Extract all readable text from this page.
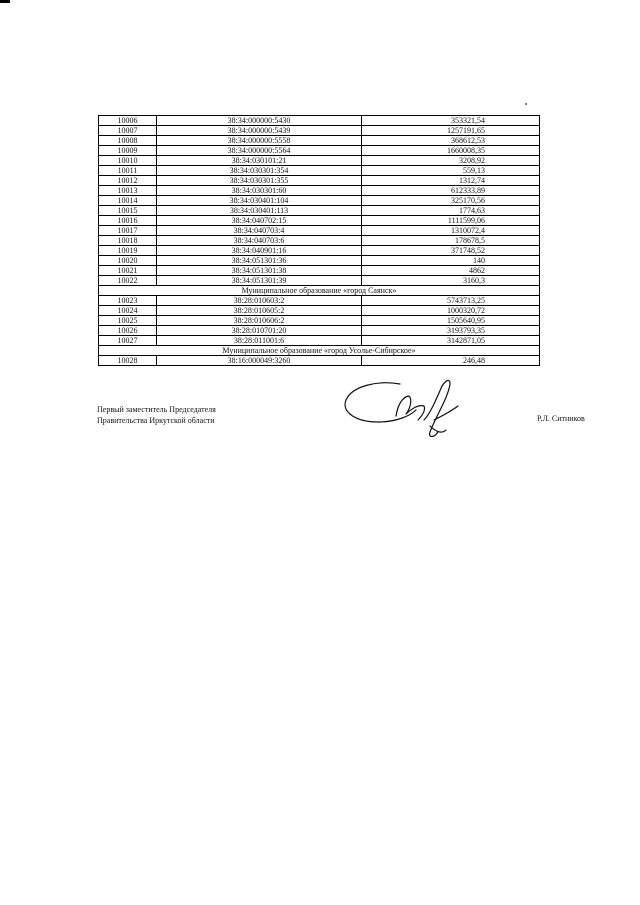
10006	38:34:000000:5430	353321,54
10007	38:34:000000:5439	1257191,65
10008	38:34:000000:5558	368612,53
10009	38:34:000000:5564	1660008,35
10010	38:34:030101:21	3208,92
10011	38:34:030301:354	559,13
10012	38:34:030301:355	1312,74
10013	38:34:030301:60	612333,89
10014	38:34:030401:104	325170,56
10015	38:34:030401:113	1774,63
10016	38:34:040702:15	1111599,06
10017	38:34:040703:4	1310072,4
10018	38:34:040703:6	178678,5
10019	38:34:040901:16	371748,52
10020	38:34:051301:36	140
10021	38:34:051301:38	4862
10022	38:34:051301:39	3160,3
Муниципальное образование «город Саянск»		
10023	38:28:010603:2	5743713,25
10024	38:28:010605:2	1000320,72
10025	38:28:010606:2	1505640,95
10026	38:28:010701:20	3193793,35
10027	38:28:011001:6	3142871,05
Муниципальное образование «город Усолье-Сибирское»		
10028	38:16:000049:3260	246,48
Первый заместитель Председателя
Правительства Иркутской области	Р.Л. Ситников
